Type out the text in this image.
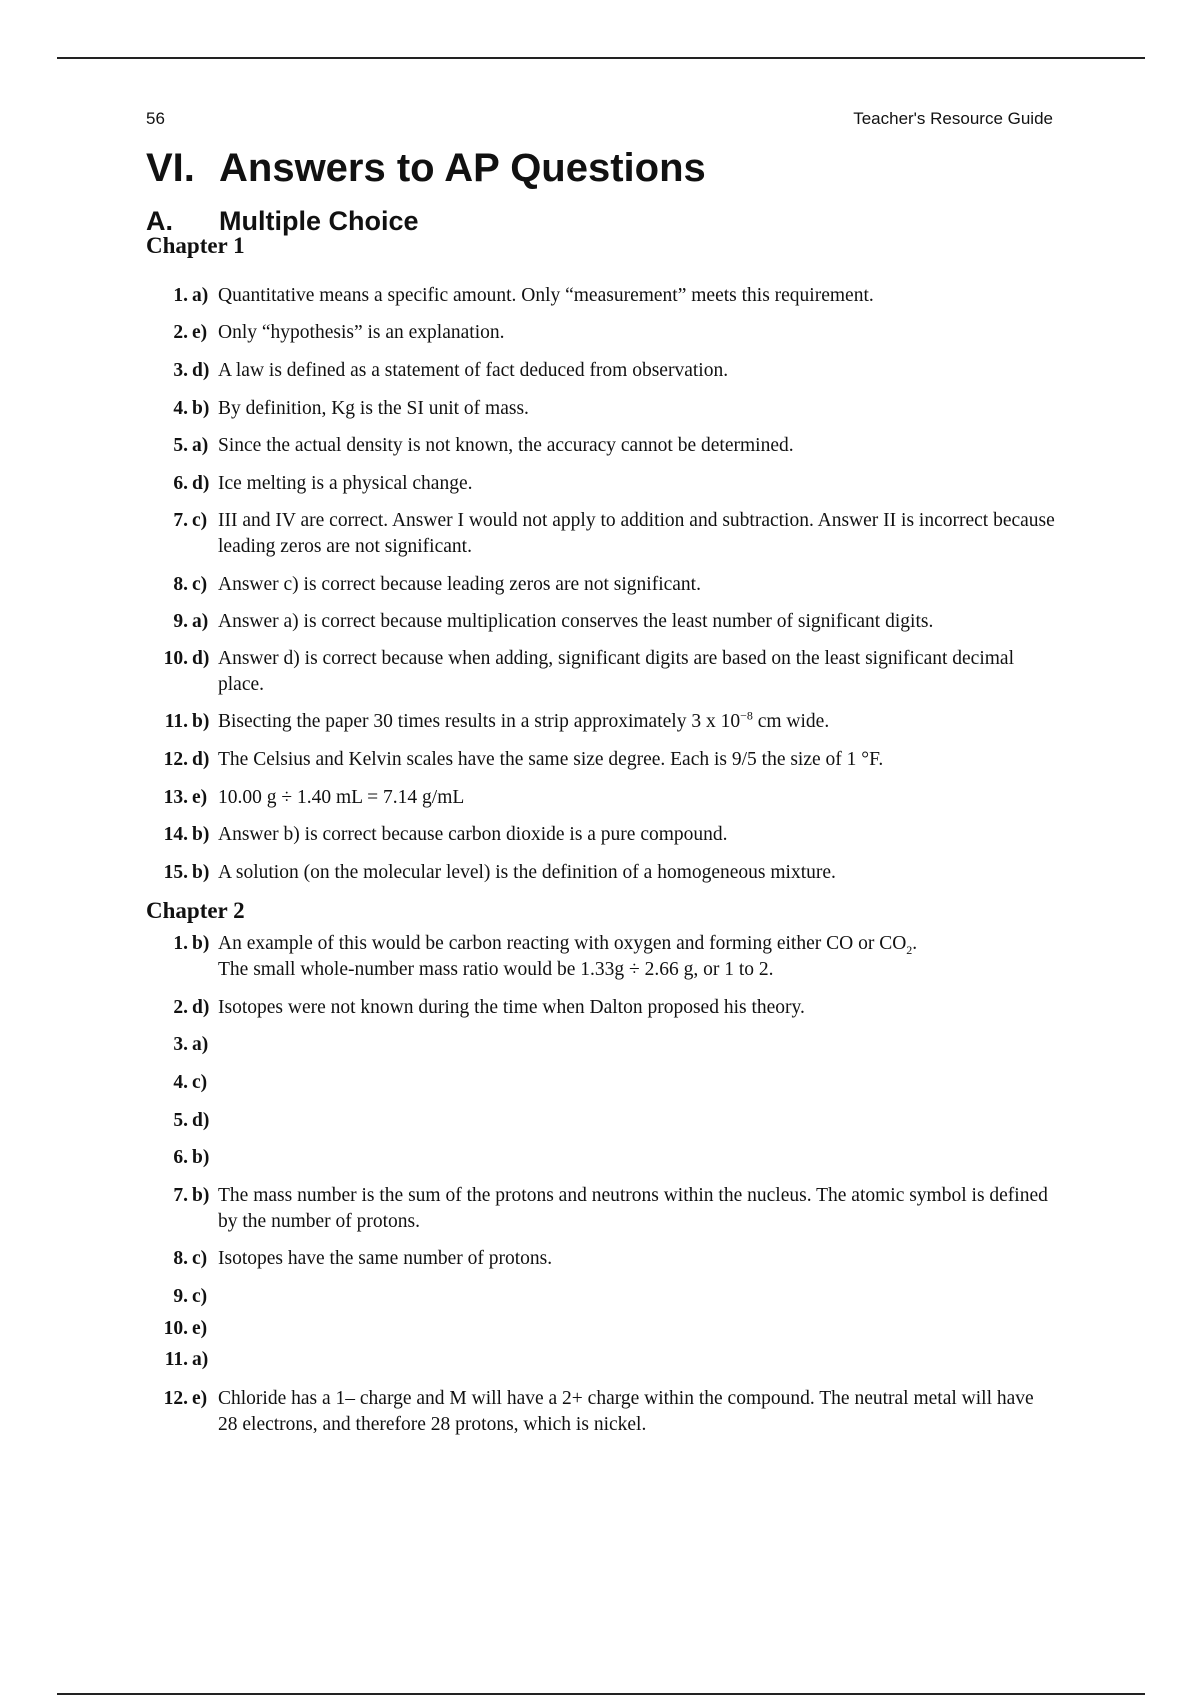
56	Teacher's Resource Guide
VI. Answers to AP Questions
A. Multiple Choice
Chapter 1
1. a) Quantitative means a specific amount. Only “measurement” meets this requirement.
2. e) Only “hypothesis” is an explanation.
3. d) A law is defined as a statement of fact deduced from observation.
4. b) By definition, Kg is the SI unit of mass.
5. a) Since the actual density is not known, the accuracy cannot be determined.
6. d) Ice melting is a physical change.
7. c) III and IV are correct. Answer I would not apply to addition and subtraction. Answer II is incorrect because leading zeros are not significant.
8. c) Answer c) is correct because leading zeros are not significant.
9. a) Answer a) is correct because multiplication conserves the least number of significant digits.
10. d) Answer d) is correct because when adding, significant digits are based on the least significant decimal place.
11. b) Bisecting the paper 30 times results in a strip approximately 3 x $10^{-8}$ cm wide.
12. d) The Celsius and Kelvin scales have the same size degree. Each is 9/5 the size of 1 °F.
13. e) 10.00 g ÷ 1.40 mL = 7.14 g/mL
14. b) Answer b) is correct because carbon dioxide is a pure compound.
15. b) A solution (on the molecular level) is the definition of a homogeneous mixture.
Chapter 2
1. b) An example of this would be carbon reacting with oxygen and forming either CO or $CO_2$.
The small whole-number mass ratio would be 1.33g ÷ 2.66 g, or 1 to 2.
2. d) Isotopes were not known during the time when Dalton proposed his theory.
3. a)
4. c)
5. d)
6. b)
7. b) The mass number is the sum of the protons and neutrons within the nucleus. The atomic symbol is defined by the number of protons.
8. c) Isotopes have the same number of protons.
9. c)
10. e)
11. a)
12. e) Chloride has a 1– charge and M will have a 2+ charge within the compound. The neutral metal will have 28 electrons, and therefore 28 protons, which is nickel.
